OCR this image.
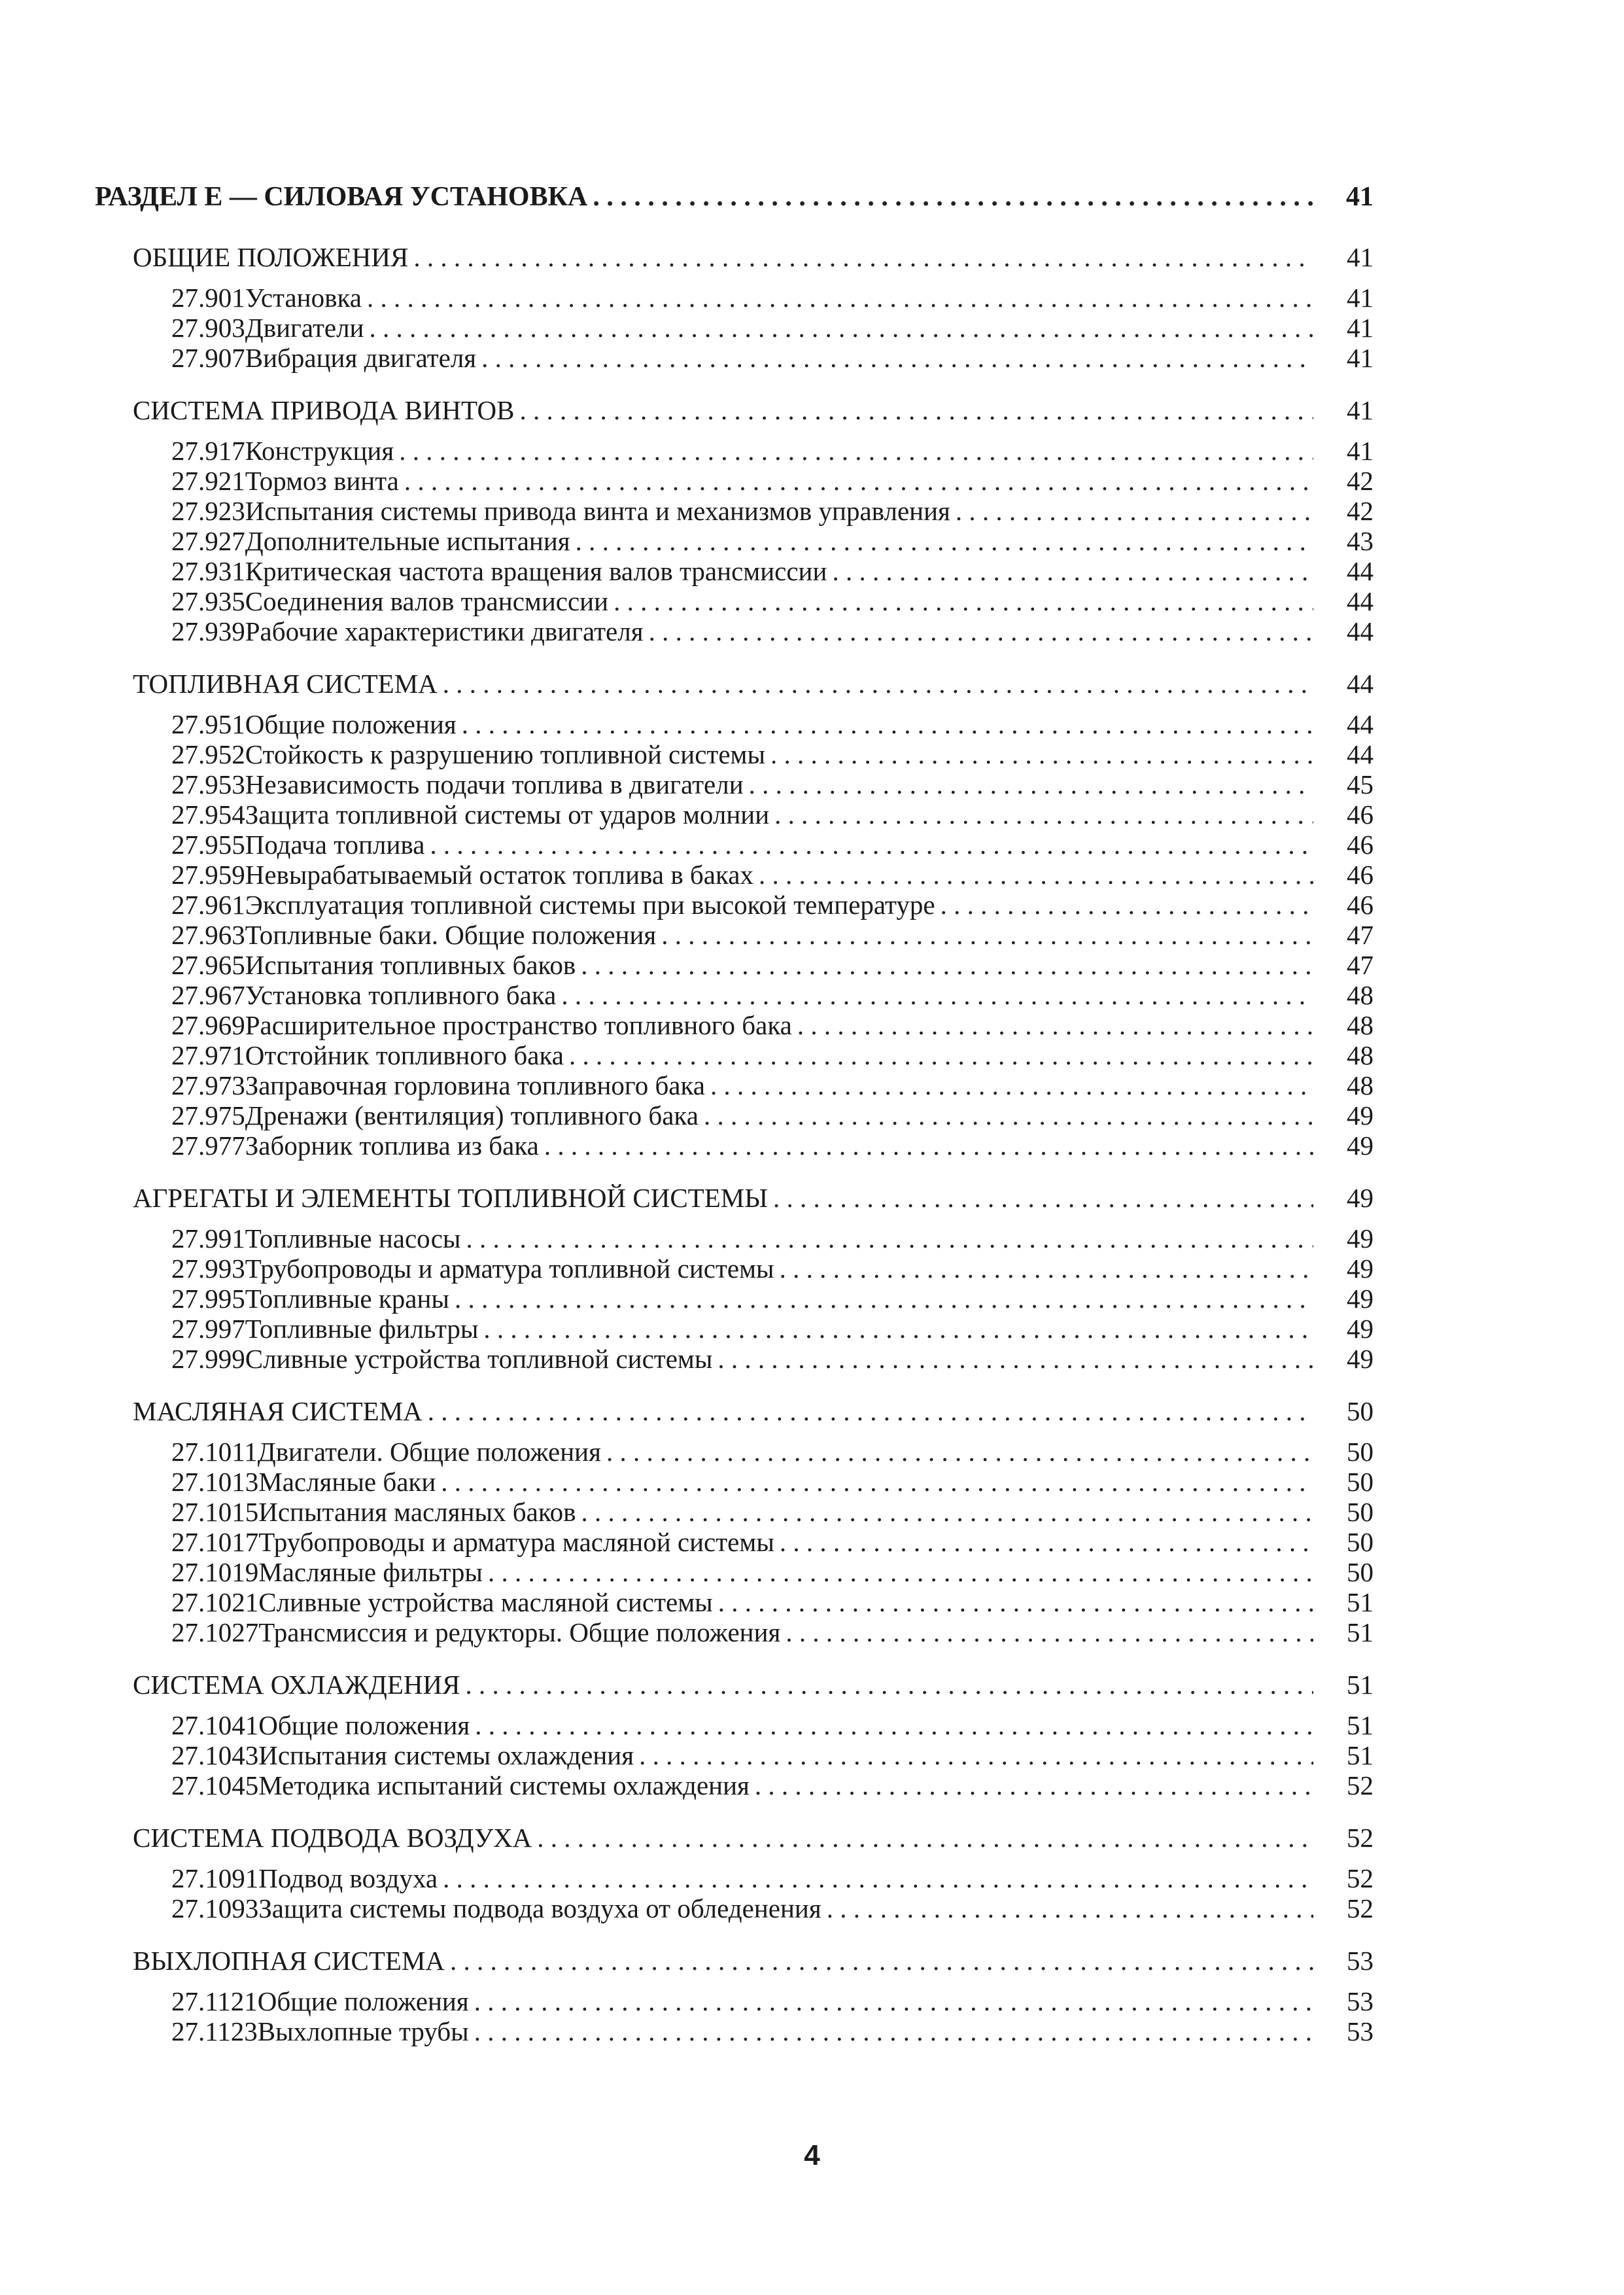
РАЗДЕЛ Е — СИЛОВАЯ УСТАНОВКА . . .	41
ОБЩИЕ ПОЛОЖЕНИЯ . . .	41
27.901 Установка . . .	41
27.903 Двигатели . . .	41
27.907 Вибрация двигателя . . .	41
СИСТЕМА ПРИВОДА ВИНТОВ . . .	41
27.917 Конструкция . . .	41
27.921 Тормоз винта . . .	42
27.923 Испытания системы привода винта и механизмов управления . . .	42
27.927 Дополнительные испытания . . .	43
27.931 Критическая частота вращения валов трансмиссии . . .	44
27.935 Соединения валов трансмиссии . . .	44
27.939 Рабочие характеристики двигателя . . .	44
ТОПЛИВНАЯ СИСТЕМА . . .	44
27.951 Общие положения . . .	44
27.952 Стойкость к разрушению топливной системы . . .	44
27.953 Независимость подачи топлива в двигатели . . .	45
27.954 Защита топливной системы от ударов молнии . . .	46
27.955 Подача топлива . . .	46
27.959 Невырабатываемый остаток топлива в баках . . .	46
27.961 Эксплуатация топливной системы при высокой температуре . . .	46
27.963 Топливные баки. Общие положения . . .	47
27.965 Испытания топливных баков . . .	47
27.967 Установка топливного бака . . .	48
27.969 Расширительное пространство топливного бака . . .	48
27.971 Отстойник топливного бака . . .	48
27.973 Заправочная горловина топливного бака . . .	48
27.975 Дренажи (вентиляция) топливного бака . . .	49
27.977 Заборник топлива из бака . . .	49
АГРЕГАТЫ И ЭЛЕМЕНТЫ ТОПЛИВНОЙ СИСТЕМЫ . . .	49
27.991 Топливные насосы . . .	49
27.993 Трубопроводы и арматура топливной системы . . .	49
27.995 Топливные краны . . .	49
27.997 Топливные фильтры . . .	49
27.999 Сливные устройства топливной системы . . .	49
МАСЛЯНАЯ СИСТЕМА . . .	50
27.1011 Двигатели. Общие положения . . .	50
27.1013 Масляные баки . . .	50
27.1015 Испытания масляных баков . . .	50
27.1017 Трубопроводы и арматура масляной системы . . .	50
27.1019 Масляные фильтры . . .	50
27.1021 Сливные устройства масляной системы . . .	51
27.1027 Трансмиссия и редукторы. Общие положения . . .	51
СИСТЕМА ОХЛАЖДЕНИЯ . . .	51
27.1041 Общие положения . . .	51
27.1043 Испытания системы охлаждения . . .	51
27.1045 Методика испытаний системы охлаждения . . .	52
СИСТЕМА ПОДВОДА ВОЗДУХА . . .	52
27.1091 Подвод воздуха . . .	52
27.1093 Защита системы подвода воздуха от обледенения . . .	52
ВЫХЛОПНАЯ СИСТЕМА . . .	53
27.1121 Общие положения . . .	53
27.1123 Выхлопные трубы . . .	53
4
